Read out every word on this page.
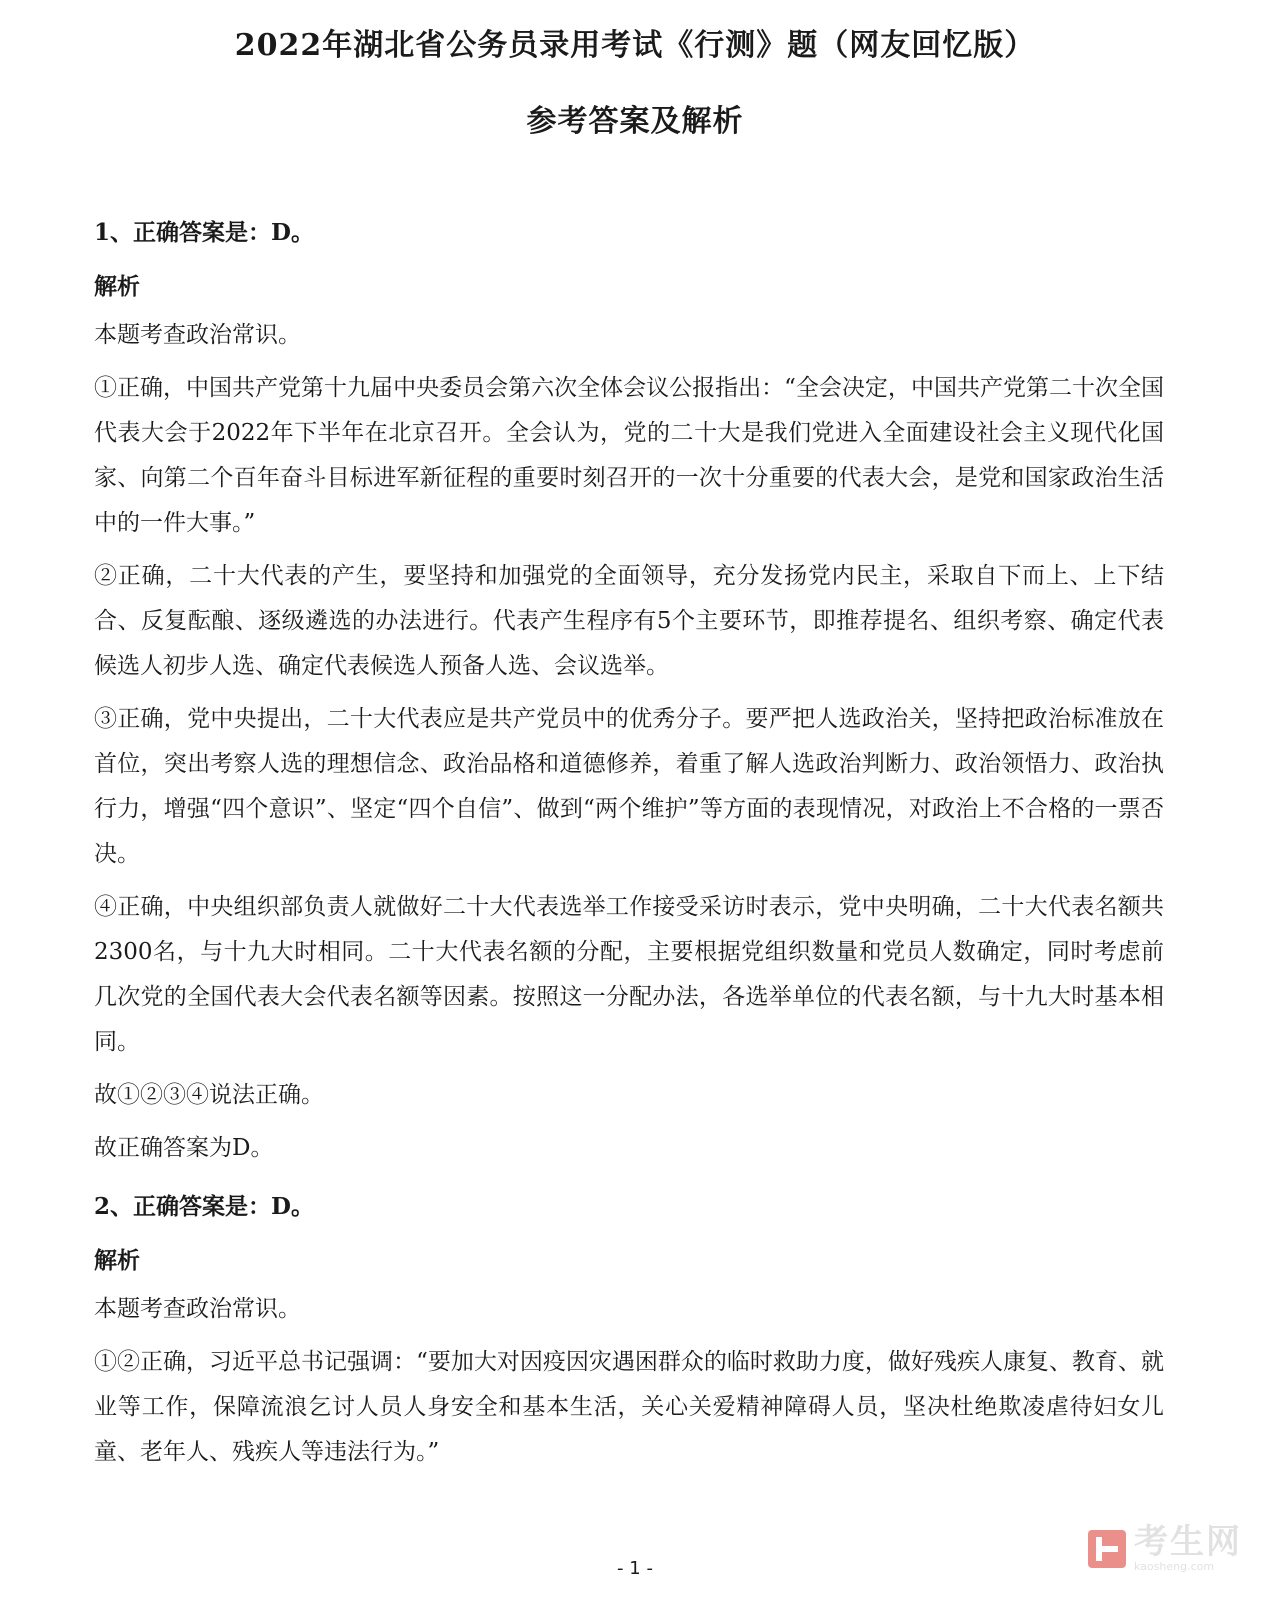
2022年湖北省公务员录用考试《行测》题（网友回忆版）
参考答案及解析

1、正确答案是：D。

解析

本题考查政治常识。

①正确，中国共产党第十九届中央委员会第六次全体会议公报指出：“全会决定，中国共产党第二十次全国代表大会于2022年下半年在北京召开。全会认为，党的二十大是我们党进入全面建设社会主义现代化国家、向第二个百年奋斗目标进军新征程的重要时刻召开的一次十分重要的代表大会，是党和国家政治生活中的一件大事。”

②正确，二十大代表的产生，要坚持和加强党的全面领导，充分发扬党内民主，采取自下而上、上下结合、反复酝酿、逐级遴选的办法进行。代表产生程序有5个主要环节，即推荐提名、组织考察、确定代表候选人初步人选、确定代表候选人预备人选、会议选举。

③正确，党中央提出，二十大代表应是共产党员中的优秀分子。要严把人选政治关，坚持把政治标准放在首位，突出考察人选的理想信念、政治品格和道德修养，着重了解人选政治判断力、政治领悟力、政治执行力，增强“四个意识”、坚定“四个自信”、做到“两个维护”等方面的表现情况，对政治上不合格的一票否决。

④正确，中央组织部负责人就做好二十大代表选举工作接受采访时表示，党中央明确，二十大代表名额共2300名，与十九大时相同。二十大代表名额的分配，主要根据党组织数量和党员人数确定，同时考虑前几次党的全国代表大会代表名额等因素。按照这一分配办法，各选举单位的代表名额，与十九大时基本相同。

故①②③④说法正确。

故正确答案为D。

2、正确答案是：D。

解析

本题考查政治常识。

①②正确，习近平总书记强调：“要加大对因疫因灾遇困群众的临时救助力度，做好残疾人康复、教育、就业等工作，保障流浪乞讨人员人身安全和基本生活，关心关爱精神障碍人员，坚决杜绝欺凌虐待妇女儿童、老年人、残疾人等违法行为。”

考生网
kaosheng.com
- 1 -
